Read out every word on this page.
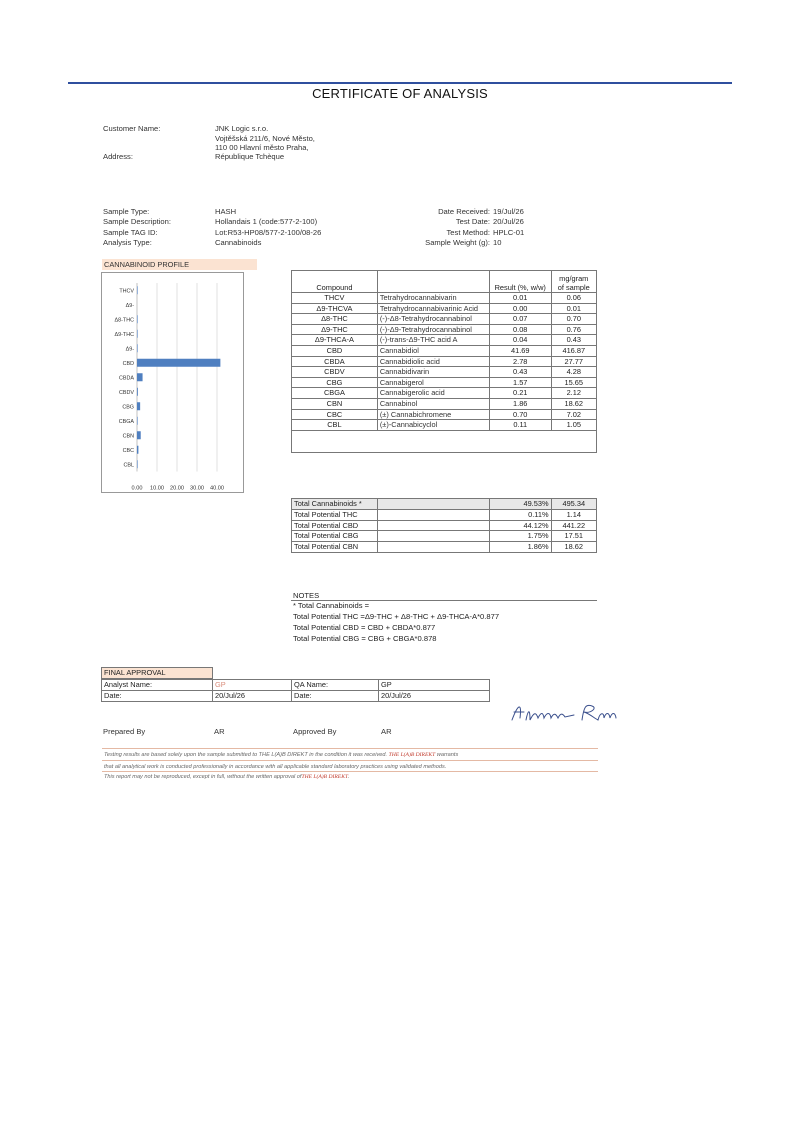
CERTIFICATE OF ANALYSIS
Customer Name:	JNK Logic s.r.o.
Vojtěšská 211/6, Nové Město,
110 00 Hlavní město Praha,
Address:	République Tchèque
Sample Type:	HASH
Sample Description:	Hollandais 1 (code:577-2-100)
Sample TAG ID:	Lot:R53-HP08/577-2-100/08-26
Analysis Type:	Cannabinoids
Date Received: 19/Jul/26
Test Date: 20/Jul/26
Test Method: HPLC-01
Sample Weight (g): 10
CANNABINOID PROFILE
0.00 10.00 20.00 30.00 40.00
THCV
Δ9-
Δ8-THC
Δ9-THC
Δ9-
CBD
CBDA
CBDV
CBG
CBGA
CBN
CBC
CBL
Compound		Result (%, w/w)	mg/gram
of sample
THCV	Tetrahydrocannabivarin	0.01	0.06
Δ9-THCVA	Tetrahydrocannabivarinic Acid	0.00	0.01
Δ8-THC	(-)-Δ8-Tetrahydrocannabinol	0.07	0.70
Δ9-THC	(-)-Δ9-Tetrahydrocannabinol	0.08	0.76
Δ9-THCA-A	(-)-trans-Δ9-THC acid A	0.04	0.43
CBD	Cannabidiol	41.69	416.87
CBDA	Cannabidiolic acid	2.78	27.77
CBDV	Cannabidivarin	0.43	4.28
CBG	Cannabigerol	1.57	15.65
CBGA	Cannabigerolic acid	0.21	2.12
CBN	Cannabinol	1.86	18.62
CBC	(±) Cannabichromene	0.70	7.02
CBL	(±)-Cannabicyclol	0.11	1.05
Total Cannabinoids *		49.53%	495.34
Total Potential THC		0.11%	1.14
Total Potential CBD		44.12%	441.22
Total Potential CBG		1.75%	17.51
Total Potential CBN		1.86%	18.62
NOTES
* Total Cannabinoids =
Total Potential THC =Δ9-THC + Δ8-THC + Δ9-THCA-A*0.877
Total Potential CBD = CBD + CBDA*0.877
Total Potential CBG = CBG + CBGA*0.878
FINAL APPROVAL
Analyst Name:	GP	QA Name:	GP
Date:	20/Jul/26	Date:	20/Jul/26
Prepared By	AR	Approved By	AR
Testing results are based solely upon the sample submitted to THE L(A)B DIREKT in the condition it was received. THE L(A)B DIREKT warrants
that all analytical work is conducted professionally in accordance with all applicable standard laboratory practices using validated methods.
This report may not be reproduced, except in full, without the written approval ofTHE L(A)B DIREKT.
